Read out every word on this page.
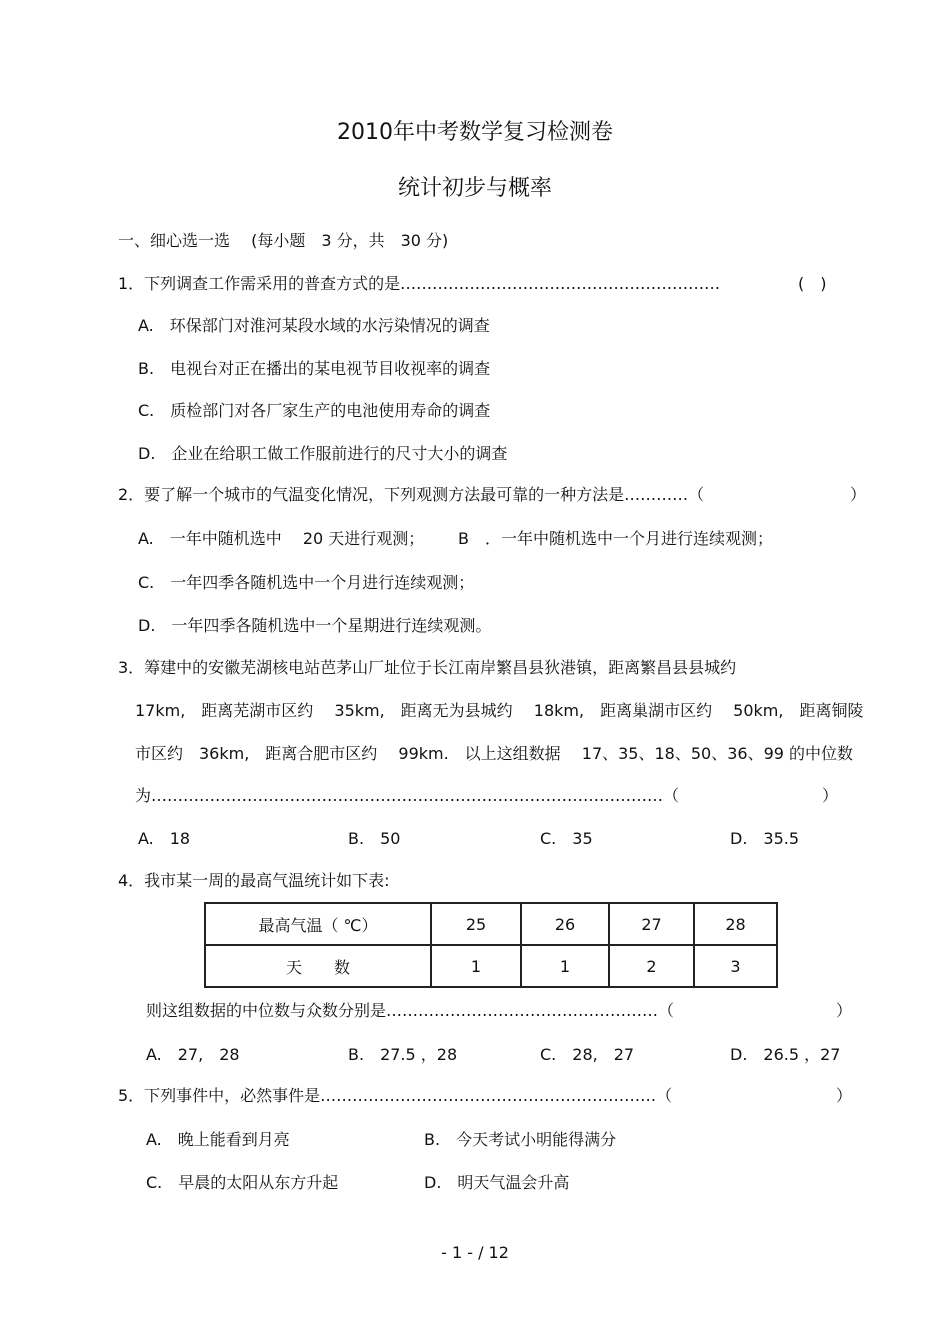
2010年中考数学复习检测卷
统计初步与概率
一、细心选一选　 (每小题　3 分，共　30 分)
1．下列调查工作需采用的普查方式的是……………………………………………………	(　)
A.　环保部门对淮河某段水域的水污染情况的调查
B.　电视台对正在播出的某电视节目收视率的调查
C.　质检部门对各厂家生产的电池使用寿命的调查
D.　企业在给职工做工作服前进行的尺寸大小的调查
2．要了解一个城市的气温变化情况，下列观测方法最可靠的一种方法是…………（	）
A.　一年中随机选中　 20 天进行观测； B　．一年中随机选中一个月进行连续观测；
C.　一年四季各随机选中一个月进行连续观测；
D.　一年四季各随机选中一个星期进行连续观测。
3．筹建中的安徽芜湖核电站芭茅山厂址位于长江南岸繁昌县狄港镇，距离繁昌县县城约
17km,　距离芜湖市区约　 35km,　距离无为县城约　 18km,　距离巢湖市区约　 50km,　距离铜陵
市区约　36km,　距离合肥市区约　 99km.　以上这组数据　 17、35、18、50、36、99 的中位数
为……………………………………………………………………………………（	）
A.　18	B.　50	C.　35	D.　35.5
4．我市某一周的最高气温统计如下表:
最高气温（ ℃）	25	26	27	28
天　　数	1	1	2	3
则这组数据的中位数与众数分别是……………………………………………（	）
A.　27,　28	B.　27.5 ，28	C.　28,　27	D.　26.5 ，27
5．下列事件中，必然事件是………………………………………………………（	）
A.　晚上能看到月亮	B.　今天考试小明能得满分
C.　早晨的太阳从东方升起	D.　明天气温会升高
- 1 - / 12
